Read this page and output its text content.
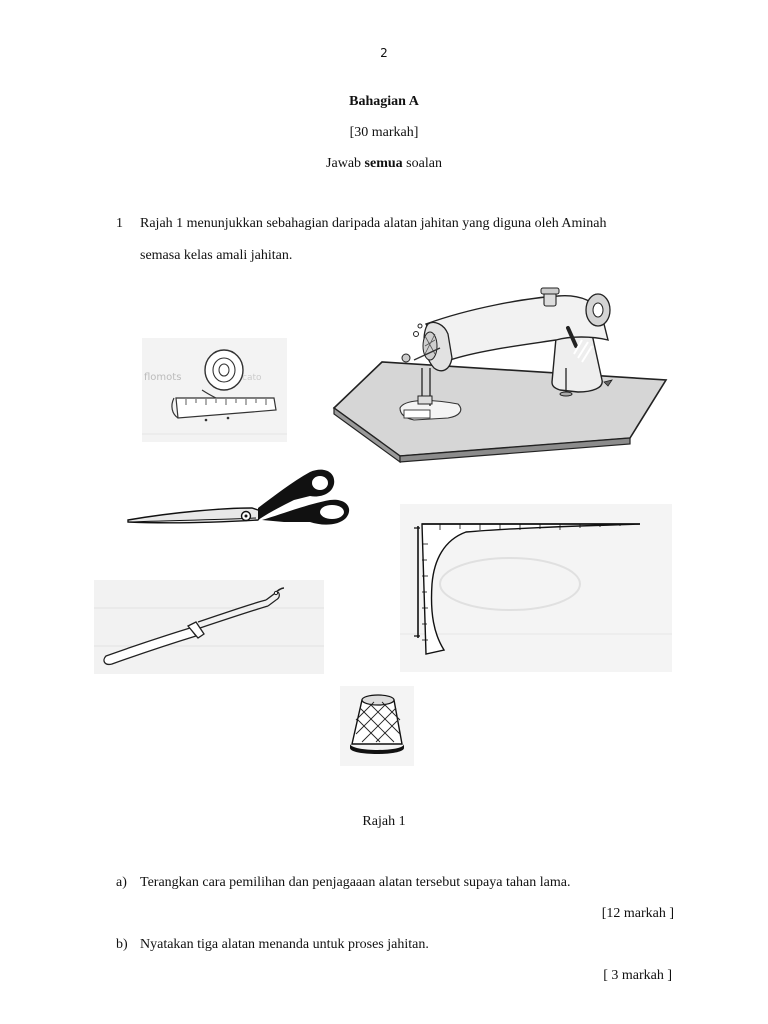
2
Bahagian A
[30 markah]
Jawab semua soalan
1 Rajah 1 menunjukkan sebahagian daripada alatan jahitan yang diguna oleh Aminah
semasa kelas amali jahitan.
flomots	cato
Rajah 1
a) Terangkan cara pemilihan dan penjagaaan alatan tersebut supaya tahan lama.
[12 markah ]
b) Nyatakan tiga alatan menanda untuk proses jahitan.
[ 3 markah ]
